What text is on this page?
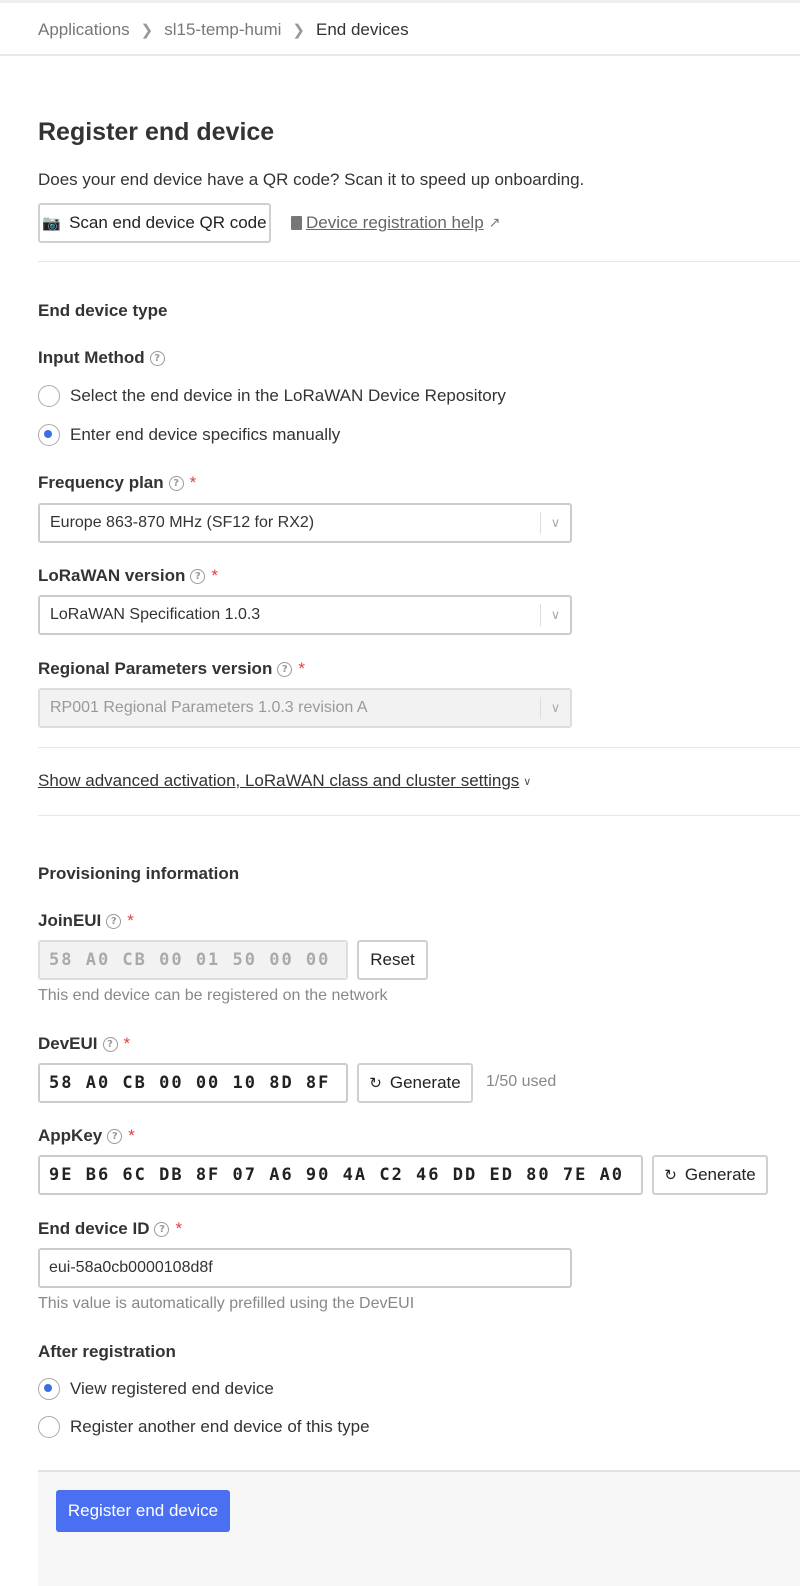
Applications ❯ sl15-temp-humi ❯ End devices
Register end device
Does your end device have a QR code? Scan it to speed up onboarding.
📷 Scan end device QR code Device registration help ↗
End device type
Input Method ?
Select the end device in the LoRaWAN Device Repository
Enter end device specifics manually
Frequency plan ? *
Europe 863-870 MHz (SF12 for RX2)	∨
LoRaWAN version ? *
LoRaWAN Specification 1.0.3	∨
Regional Parameters version ? *
RP001 Regional Parameters 1.0.3 revision A	∨
Show advanced activation, LoRaWAN class and cluster settings ∨
Provisioning information
JoinEUI ? *
58 A0 CB 00 01 50 00 00 Reset
This end device can be registered on the network
DevEUI ? *
58 A0 CB 00 00 10 8D 8F	↻ Generate 1/50 used
AppKey ? *
9E B6 6C DB 8F 07 A6 90 4A C2 46 DD ED 80 7E A0	↻ Generate
End device ID ? *
eui-58a0cb0000108d8f
This value is automatically prefilled using the DevEUI
After registration
View registered end device
Register another end device of this type
Register end device
